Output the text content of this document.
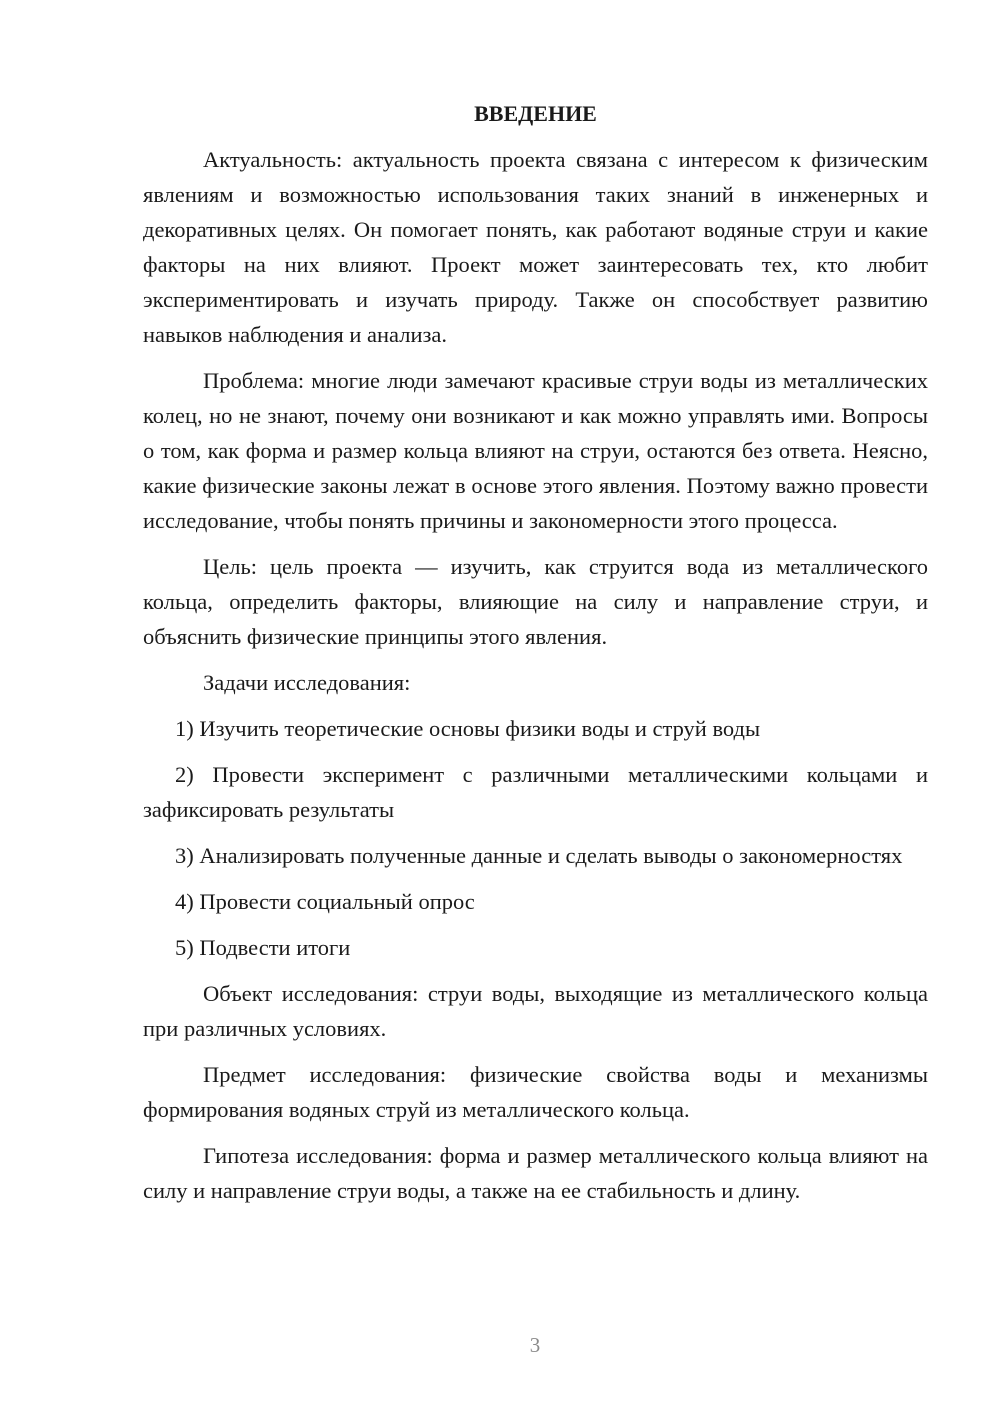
ВВЕДЕНИЕ

Актуальность: актуальность проекта связана с интересом к физическим явлениям и возможностью использования таких знаний в инженерных и декоративных целях. Он помогает понять, как работают водяные струи и какие факторы на них влияют. Проект может заинтересовать тех, кто любит экспериментировать и изучать природу. Также он способствует развитию навыков наблюдения и анализа.

Проблема: многие люди замечают красивые струи воды из металлических колец, но не знают, почему они возникают и как можно управлять ими. Вопросы о том, как форма и размер кольца влияют на струи, остаются без ответа. Неясно, какие физические законы лежат в основе этого явления. Поэтому важно провести исследование, чтобы понять причины и закономерности этого процесса.

Цель: цель проекта — изучить, как струится вода из металлического кольца, определить факторы, влияющие на силу и направление струи, и объяснить физические принципы этого явления.

Задачи исследования:

1) Изучить теоретические основы физики воды и струй воды

2) Провести эксперимент с различными металлическими кольцами и зафиксировать результаты

3) Анализировать полученные данные и сделать выводы о закономерностях

4) Провести социальный опрос

5) Подвести итоги

Объект исследования: струи воды, выходящие из металлического кольца при различных условиях.

Предмет исследования: физические свойства воды и механизмы формирования водяных струй из металлического кольца.

Гипотеза исследования: форма и размер металлического кольца влияют на силу и направление струи воды, а также на ее стабильность и длину.

3
